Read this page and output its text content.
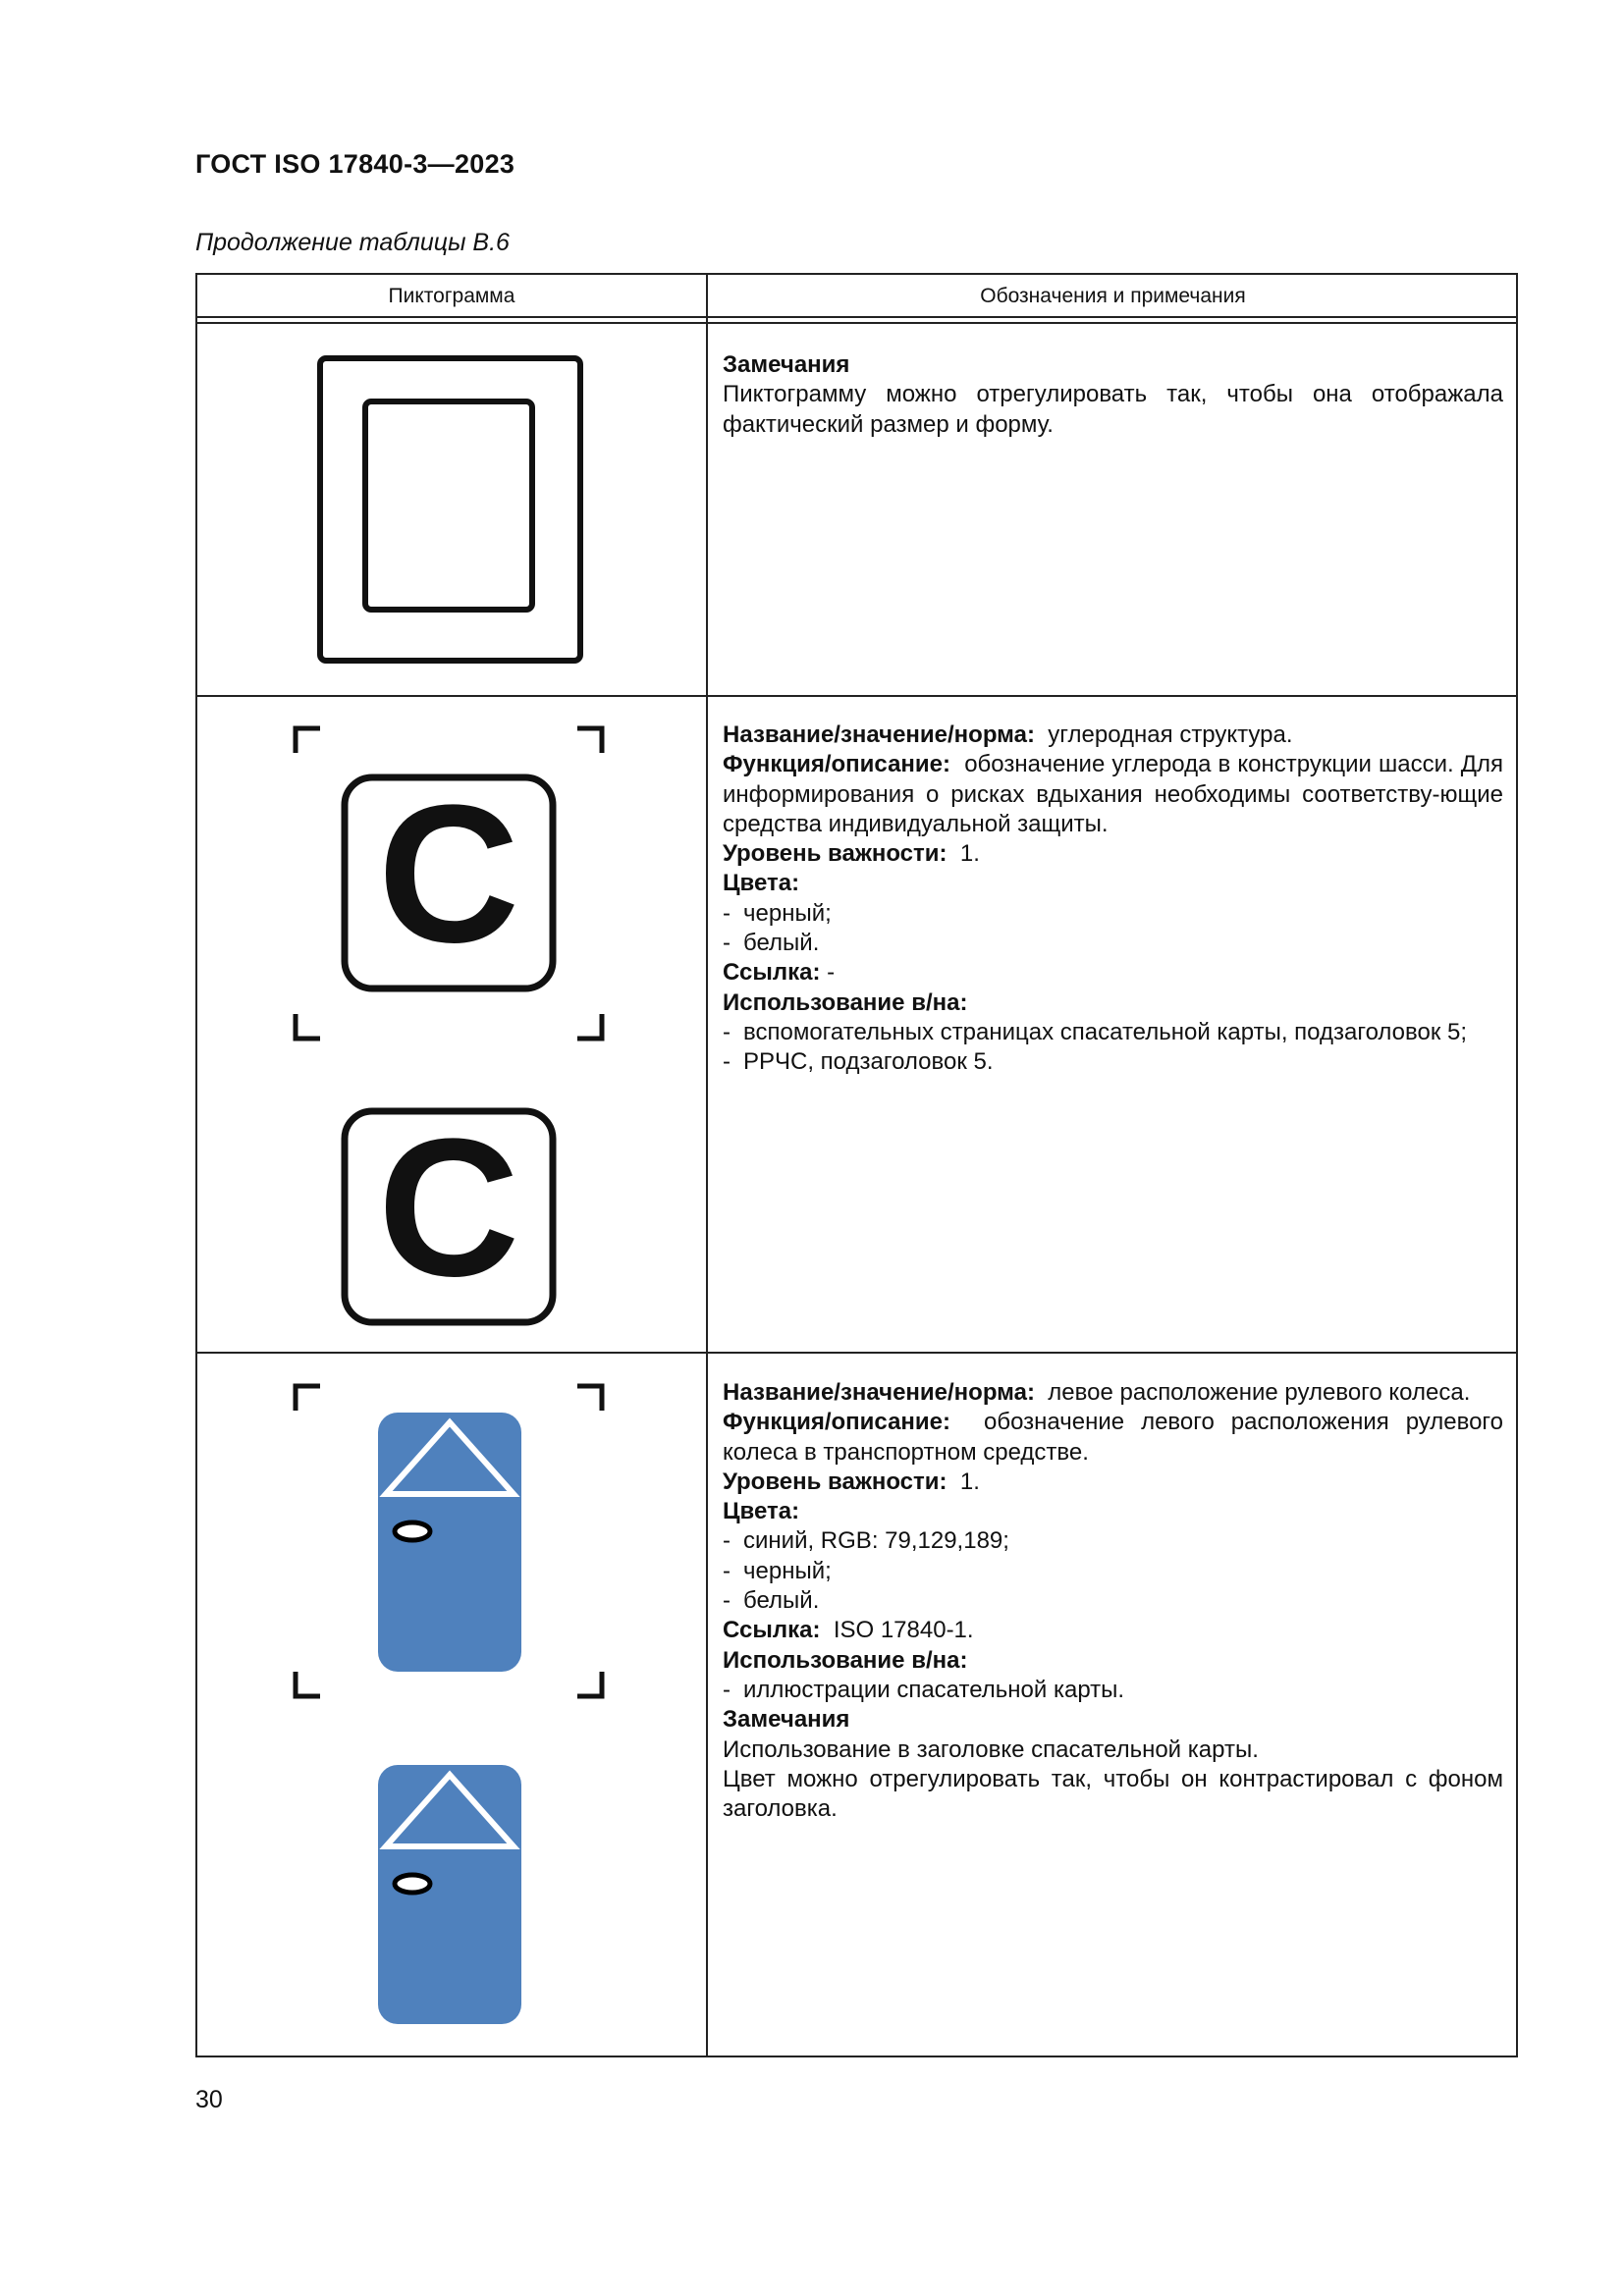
ГОСТ ISO 17840-3—2023
Продолжение таблицы В.6
Пиктограмма	Обозначения и примечания
Замечания
Пиктограмму можно отрегулировать так, чтобы она отображала фактический размер и форму.
C
C
Название/значение/норма: углеродная структура.
Функция/описание: обозначение углерода в конструкции шасси. Для информирования о рисках вдыхания необходимы соответству-ющие средства индивидуальной защиты.
Уровень важности: 1.
Цвета:
- черный;
- белый.
Ссылка: -
Использование в/на:
- вспомогательных страницах спасательной карты, подзаголовок 5;
- РРЧС, подзаголовок 5.
Название/значение/норма: левое расположение рулевого колеса.
Функция/описание: обозначение левого расположения рулевого колеса в транспортном средстве.
Уровень важности: 1.
Цвета:
- синий, RGB: 79,129,189;
- черный;
- белый.
Ссылка: ISO 17840-1.
Использование в/на:
- иллюстрации спасательной карты.
Замечания
Использование в заголовке спасательной карты.
Цвет можно отрегулировать так, чтобы он контрастировал с фоном заголовка.
30
